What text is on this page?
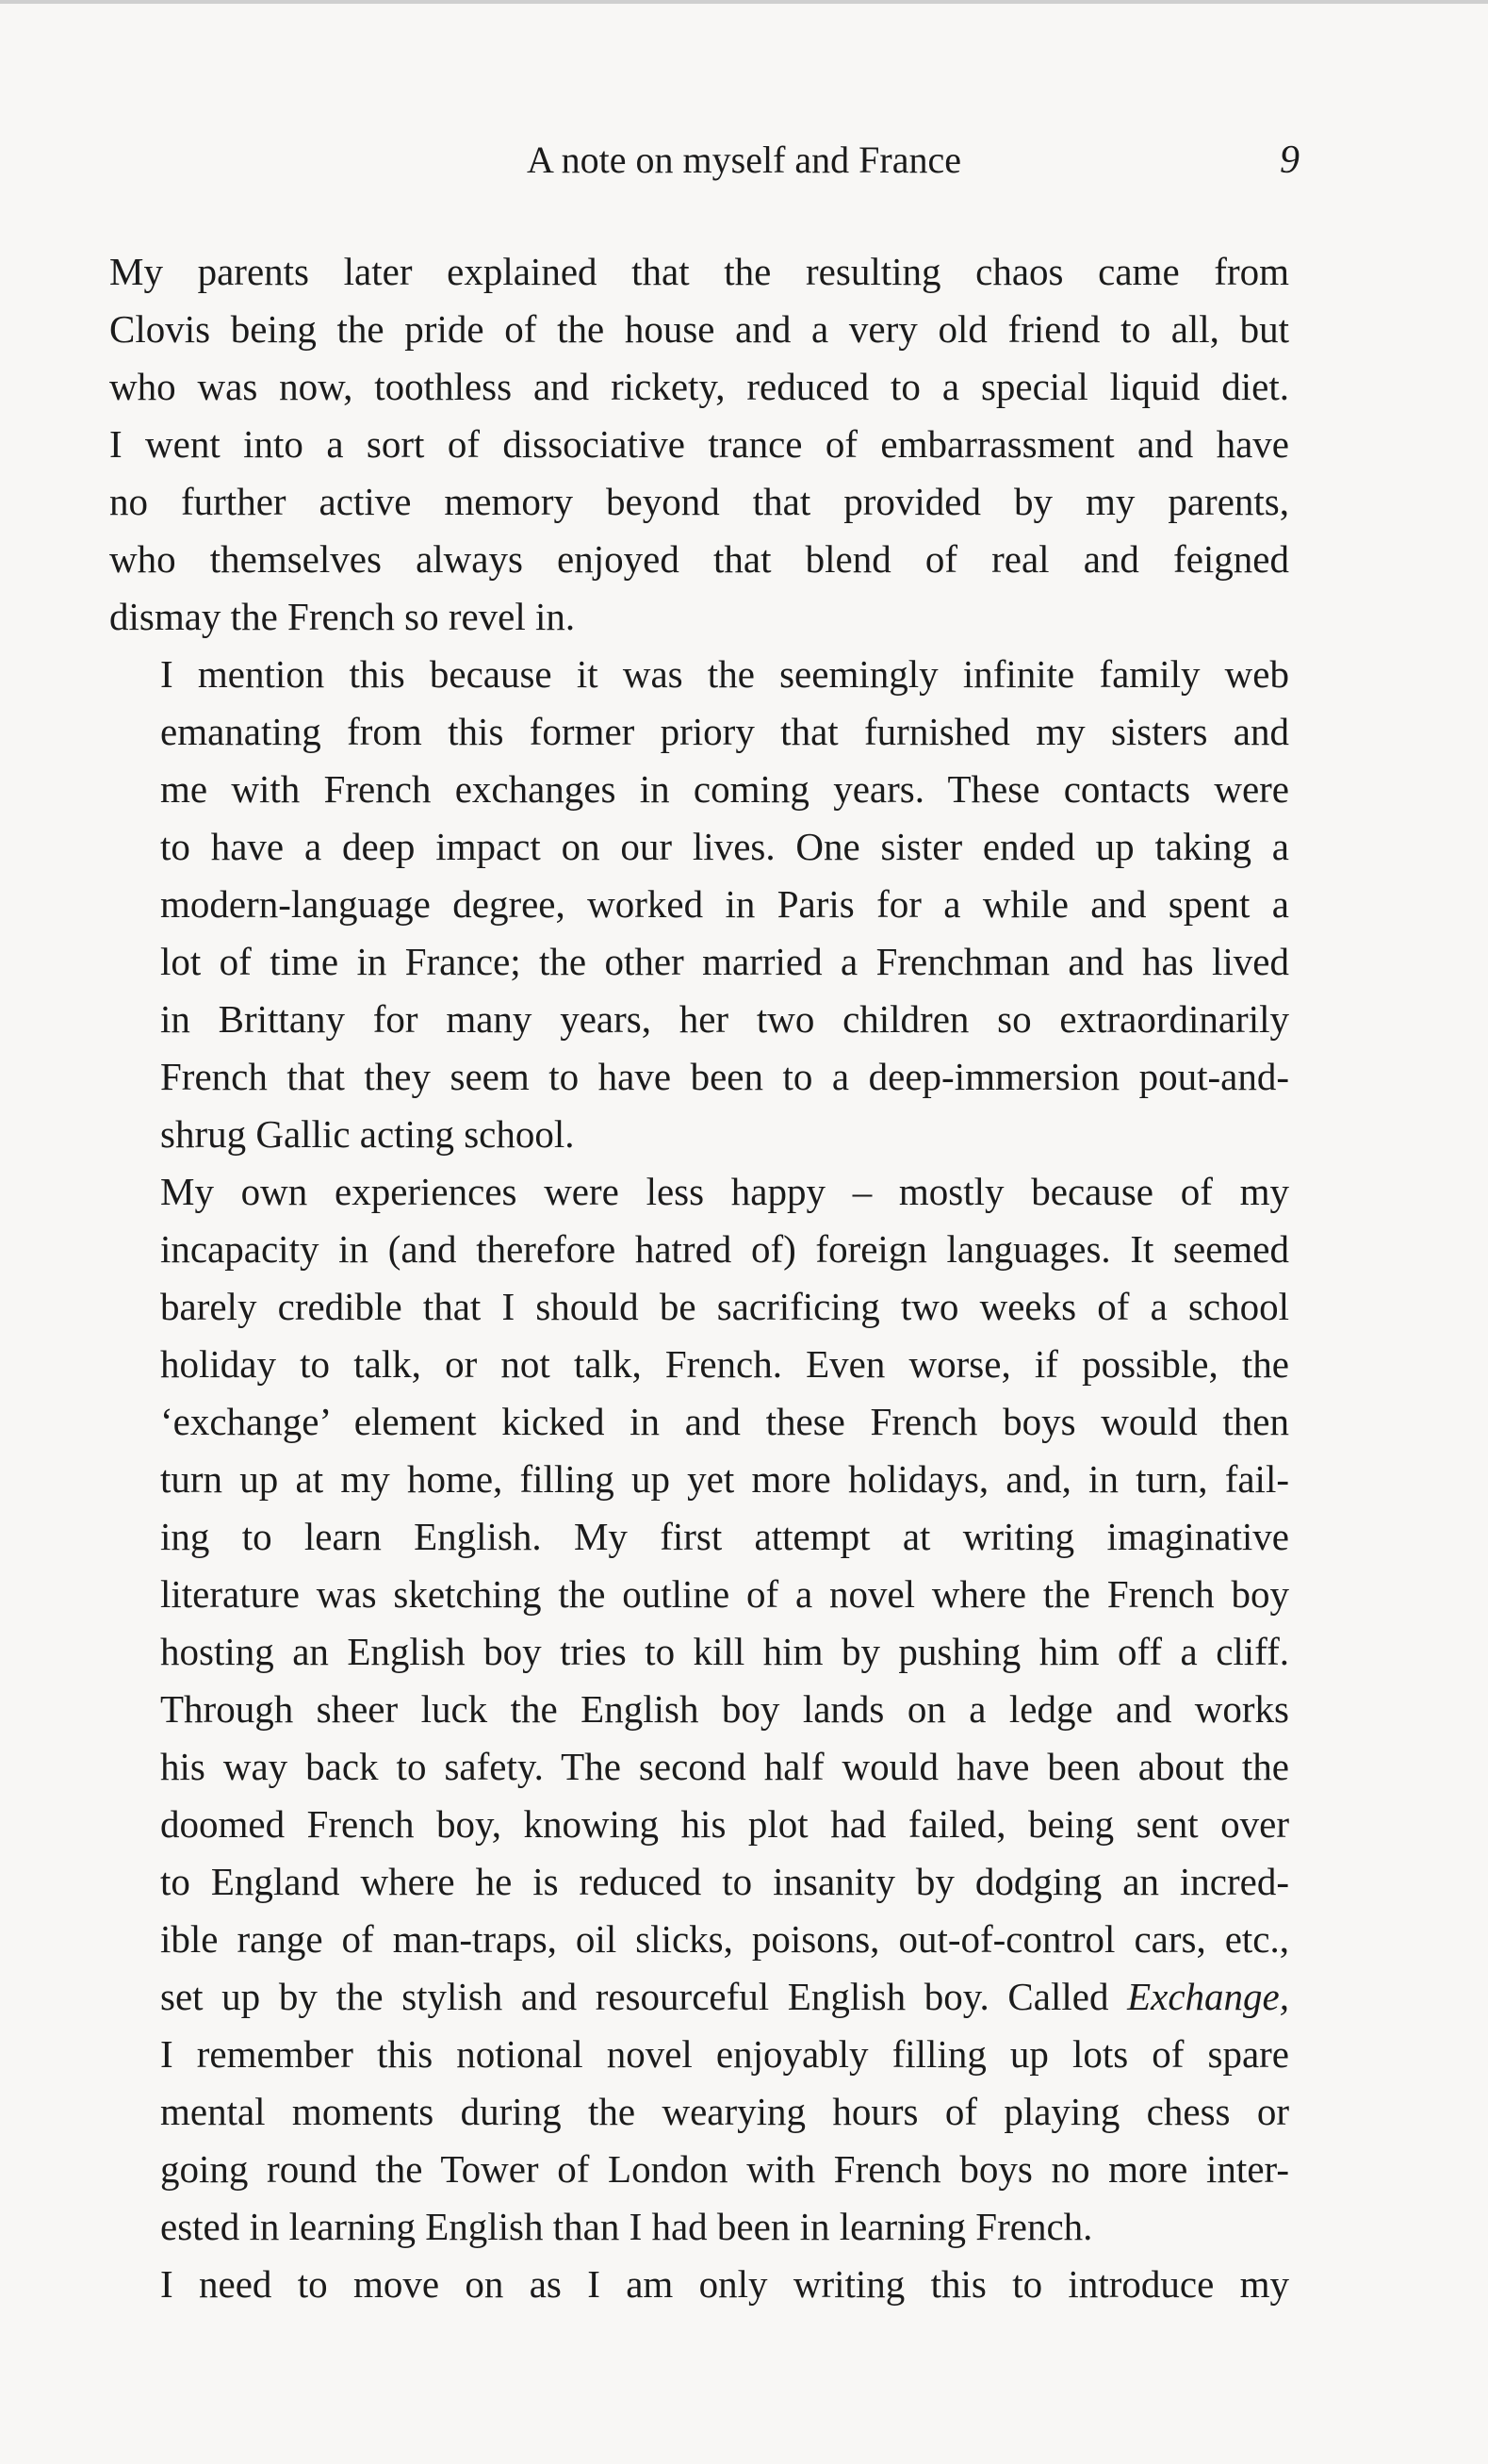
A note on myself and France	9

My parents later explained that the resulting chaos came from
Clovis being the pride of the house and a very old friend to all, but
who was now, toothless and rickety, reduced to a special liquid diet.
I went into a sort of dissociative trance of embarrassment and have
no further active memory beyond that provided by my parents,
who themselves always enjoyed that blend of real and feigned
dismay the French so revel in.

I mention this because it was the seemingly infinite family web
emanating from this former priory that furnished my sisters and
me with French exchanges in coming years. These contacts were
to have a deep impact on our lives. One sister ended up taking a
modern-language degree, worked in Paris for a while and spent a
lot of time in France; the other married a Frenchman and has lived
in Brittany for many years, her two children so extraordinarily
French that they seem to have been to a deep-immersion pout-and-
shrug Gallic acting school.

My own experiences were less happy – mostly because of my
incapacity in (and therefore hatred of) foreign languages. It seemed
barely credible that I should be sacrificing two weeks of a school
holiday to talk, or not talk, French. Even worse, if possible, the
‘exchange’ element kicked in and these French boys would then
turn up at my home, filling up yet more holidays, and, in turn, fail-
ing to learn English. My first attempt at writing imaginative
literature was sketching the outline of a novel where the French boy
hosting an English boy tries to kill him by pushing him off a cliff.
Through sheer luck the English boy lands on a ledge and works
his way back to safety. The second half would have been about the
doomed French boy, knowing his plot had failed, being sent over
to England where he is reduced to insanity by dodging an incred-
ible range of man-traps, oil slicks, poisons, out-of-control cars, etc.,
set up by the stylish and resourceful English boy. Called Exchange,
I remember this notional novel enjoyably filling up lots of spare
mental moments during the wearying hours of playing chess or
going round the Tower of London with French boys no more inter-
ested in learning English than I had been in learning French.

I need to move on as I am only writing this to introduce my
